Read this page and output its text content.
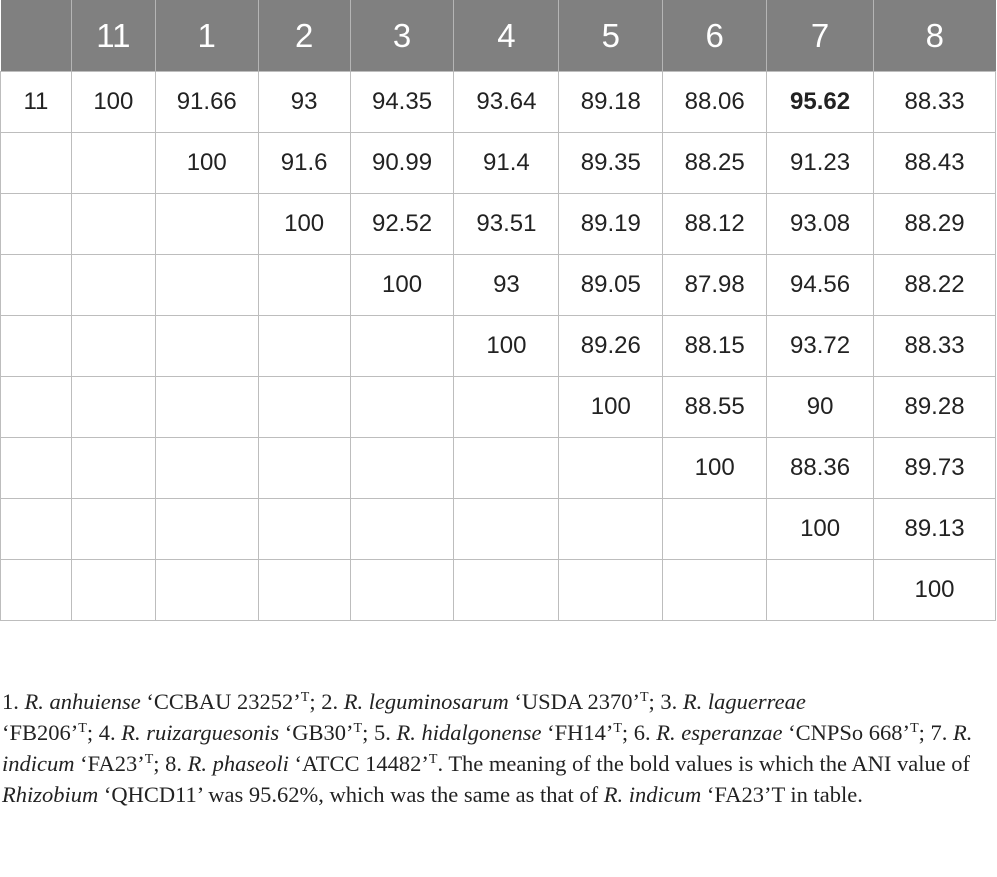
	11	1	2	3	4	5	6	7	8
11	100	91.66	93	94.35	93.64	89.18	88.06	95.62	88.33
		100	91.6	90.99	91.4	89.35	88.25	91.23	88.43
			100	92.52	93.51	89.19	88.12	93.08	88.29
				100	93	89.05	87.98	94.56	88.22
					100	89.26	88.15	93.72	88.33
						100	88.55	90	89.28
							100	88.36	89.73
								100	89.13
									100
1. R. anhuiense ‘CCBAU 23252’$^T$; 2. R. leguminosarum ‘USDA 2370’$^T$; 3. R. laguerreae
‘FB206’$^T$; 4. R. ruizarguesonis ‘GB30’$^T$; 5. R. hidalgonense ‘FH14’$^T$; 6. R. esperanzae ‘CNPSo 668’$^T$; 7. R. indicum ‘FA23’$^T$; 8. R. phaseoli ‘ATCC 14482’$^T$. The meaning of the bold values is which the ANI value of Rhizobium ‘QHCD11’ was 95.62%, which was the same as that of R. indicum ‘FA23’T in table.
